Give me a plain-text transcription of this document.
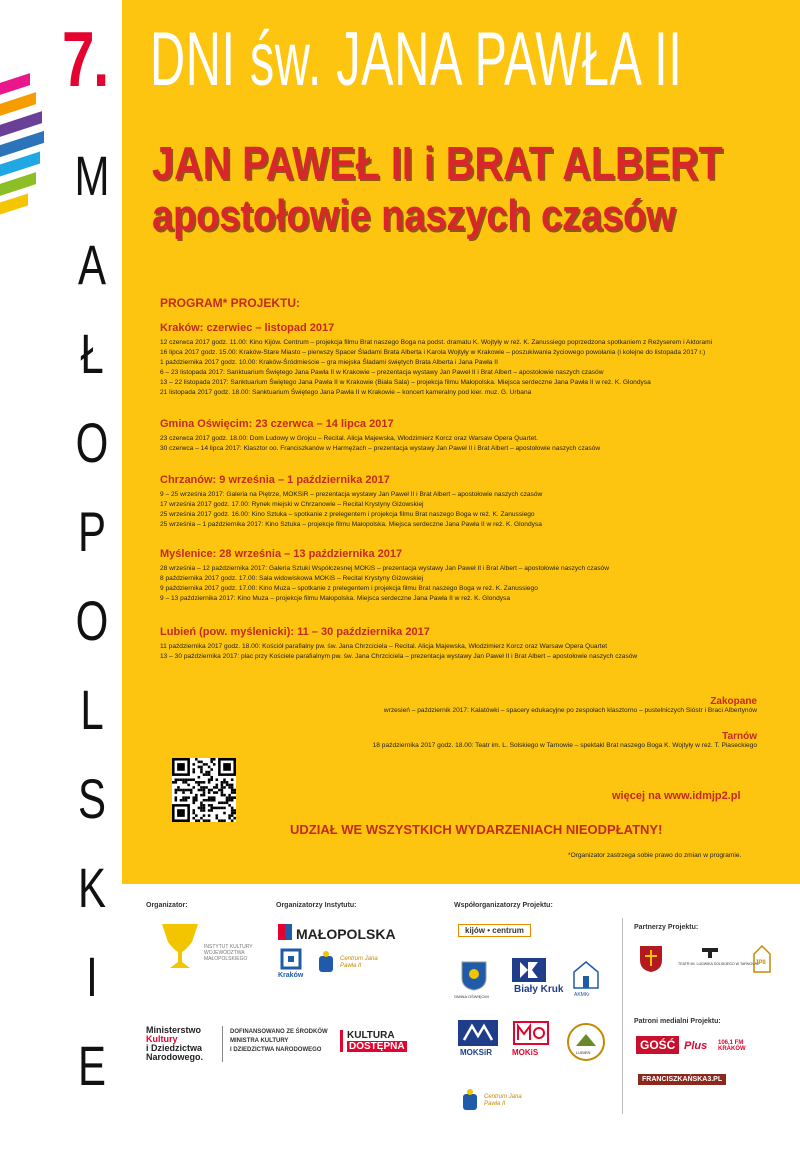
7.
M
A
Ł
O
P
O
L
S
K
I
E
DNI św. JANA PAWŁA II
JAN PAWEŁ II i BRAT ALBERT
apostołowie naszych czasów
PROGRAM* PROJEKTU:
Kraków: czerwiec – listopad 2017
12 czerwca 2017 godz. 11.00: Kino Kijów. Centrum – projekcja filmu Brat naszego Boga na podst. dramatu K. Wojtyły w reż. K. Zanussiego poprzedzona spotkaniem z Reżyserem i Aktorami
16 lipca 2017 godz. 15.00: Kraków-Stare Miasto – pierwszy Spacer Śladami Brata Alberta i Karola Wojtyły w Krakowie – poszukiwania życiowego powołania (i kolejne do listopada 2017 r.)
1 października 2017 godz. 10.00: Kraków-Śródmieście – gra miejska Śladami świętych Brata Alberta i Jana Pawła II
6 – 23 listopada 2017: Sanktuarium Świętego Jana Pawła II w Krakowie – prezentacja wystawy Jan Paweł II i Brat Albert – apostołowie naszych czasów
13 – 22 listopada 2017: Sanktuarium Świętego Jana Pawła II w Krakowie (Biała Sala) – projekcja filmu Małopolska. Miejsca serdeczne Jana Pawła II w reż. K. Glondysa
21 listopada 2017 godz. 18.00: Sanktuarium Świętego Jana Pawła II w Krakowie – koncert kameralny pod kier. muz. G. Urbana
Gmina Oświęcim: 23 czerwca – 14 lipca 2017
23 czerwca 2017 godz. 18.00: Dom Ludowy w Grojcu – Recital. Alicja Majewska, Włodzimierz Korcz oraz Warsaw Opera Quartet.
30 czerwca – 14 lipca 2017: Klasztor oo. Franciszkanów w Harmężach – prezentacja wystawy Jan Paweł II i Brat Albert – apostołowie naszych czasów
Chrzanów: 9 września – 1 października 2017
9 – 25 września 2017: Galeria na Piętrze, MOKSiR – prezentacja wystawy Jan Paweł II i Brat Albert – apostołowie naszych czasów
17 września 2017 godz. 17.00: Rynek miejski w Chrzanowie – Recital Krystyny Giżowskiej
25 września 2017 godz. 16.00: Kino Sztuka – spotkanie z prelegentem i projekcja filmu Brat naszego Boga w reż. K. Zanussiego
25 września – 1 października 2017: Kino Sztuka – projekcje filmu Małopolska. Miejsca serdeczne Jana Pawła II w reż. K. Glondysa
Myślenice: 28 września – 13 października 2017
28 września – 12 października 2017: Galeria Sztuki Współczesnej MOKiS – prezentacja wystawy Jan Paweł II i Brat Albert – apostołowie naszych czasów
8 października 2017 godz. 17.00: Sala widowiskowa MOKiS – Recital Krystyny Giżowskiej
9 października 2017 godz. 17.00: Kino Muza – spotkanie z prelegentem i projekcja filmu Brat naszego Boga w reż. K. Zanussiego
9 – 13 października 2017: Kino Muza – projekcje filmu Małopolska. Miejsca serdeczne Jana Pawła II w reż. K. Glondysa
Lubień (pow. myślenicki): 11 – 30 października 2017
11 października 2017 godz. 18.00: Kościół parafialny pw. św. Jana Chrzciciela – Recital. Alicja Majewska, Włodzimierz Korcz oraz Warsaw Opera Quartet
13 – 30 października 2017: plac przy Kościele parafialnym pw. św. Jana Chrzciciela – prezentacja wystawy Jan Paweł II i Brat Albert – apostołowie naszych czasów
Zakopane
wrzesień – październik 2017: Kalatówki – spacery edukacyjne po zespołach klasztorno – pustelniczych Sióstr i Braci Albertynów
Tarnów
18 października 2017 godz. 18.00: Teatr im. L. Solskiego w Tarnowie – spektakl Brat naszego Boga K. Wojtyły w reż. T. Piaseckiego
więcej na www.idmjp2.pl
UDZIAŁ WE WSZYSTKICH WYDARZENIACH NIEODPŁATNY!
*Organizator zastrzega sobie prawo do zmian w programie.
Organizator:
INSTYTUT KULTURY WOJEWÓDZTWA MAŁOPOLSKIEGO
Organizatorzy Instytutu:
MAŁOPOLSKA
Kraków
Centrum Jana Pawła II
Współorganizatorzy Projektu:
kijów • centrum
GMINA OŚWIĘCIM
Biały Kruk AKMKr
MOKSiR	MOKiS	LUBIEŃ
Centrum Jana Pawła II
Partnerzy Projektu:
TEATR IM. LUDWIKA SOLSKIEGO W TARNOWIE
JPII
Patroni medialni Projektu:
GOŚĆ Plus 106,1 FM KRAKÓW
FRANCISZKAŃSKA3.PL
Ministerstwo
Kultury
i Dziedzictwa
Narodowego.
DOFINANSOWANO ZE ŚRODKÓW
MINISTRA KULTURY
I DZIEDZICTWA NARODOWEGO
KULTURA
DOSTĘPNA
